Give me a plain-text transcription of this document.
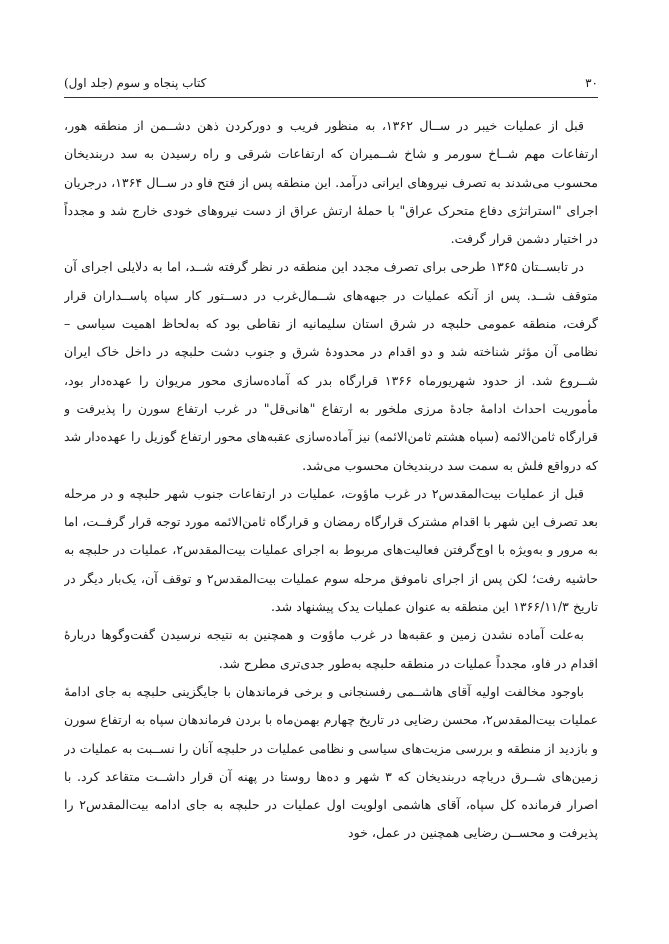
۳۰
کتاب پنجاه و سوم (جلد اول)

قبل از عملیات خیبر در ســال ۱۳۶۲، به منظور فریب و دورکردن ذهن دشــمن از منطقه هور، ارتفاعات مهم شــاخ سورمر و شاخ شــمیران که ارتفاعات شرقی و راه رسیدن به سد دربندیخان محسوب می‌شدند به تصرف نیروهای ایرانی درآمد. این منطقه پس از فتح فاو در ســال ۱۳۶۴، درجریان اجرای "استراتژی دفاع متحرک عراق" با حملهٔ ارتش عراق از دست نیروهای خودی خارج شد و مجدداً در اختیار دشمن قرار گرفت.

در تابســتان ۱۳۶۵ طرحی برای تصرف مجدد این منطقه در نظر گرفته شــد، اما به دلایلی اجرای آن متوقف شــد. پس از آنکه عملیات در جبهه‌های شــمال‌غرب در دســتور کار سپاه پاســداران قرار گرفت، منطقه عمومی حلبچه در شرق استان سلیمانیه از نقاطی بود که به‌لحاظ اهمیت سیاسی – نظامی آن مؤثر شناخته شد و دو اقدام در محدودهٔ شرق و جنوب دشت حلبچه در داخل خاک ایران شــروع شد. از حدود شهریورماه ۱۳۶۶ قرارگاه بدر که آماده‌سازی محور مریوان را عهده‌دار بود، مأموریت احداث ادامهٔ جادهٔ مرزی ملخور به ارتفاع "هانی‌قل" در غرب ارتفاع سورن را پذیرفت و قرارگاه ثامن‌الائمه (سپاه هشتم ثامن‌الائمه) نیز آماده‌سازی عقبه‌های محور ارتفاع گوزیل را عهده‌دار شد که درواقع فلش به سمت سد دربندیخان محسوب می‌شد.

قبل از عملیات بیت‌المقدس۲ در غرب ماؤوت، عملیات در ارتفاعات جنوب شهر حلبچه و در مرحله بعد تصرف این شهر با اقدام مشترک قرارگاه رمضان و قرارگاه ثامن‌الائمه مورد توجه قرار گرفــت، اما به مرور و به‌ویژه با اوج‌گرفتن فعالیت‌های مربوط به اجرای عملیات بیت‌المقدس۲، عملیات در حلبچه به حاشیه رفت؛ لکن پس از اجرای ناموفق مرحله سوم عملیات بیت‌المقدس۲ و توقف آن، یک‌بار دیگر در تاریخ ۱۳۶۶/۱۱/۳ این منطقه به عنوان عملیات یدک پیشنهاد شد.

به‌علت آماده نشدن زمین و عقبه‌ها در غرب ماؤوت و همچنین به نتیجه نرسیدن گفت‌وگوها دربارهٔ اقدام در فاو، مجدداً عملیات در منطقه حلبچه به‌طور جدی‌تری مطرح شد.

باوجود مخالفت اولیه آقای هاشــمی رفسنجانی و برخی فرماندهان با جایگزینی حلبچه به جای ادامهٔ عملیات بیت‌المقدس۲، محسن رضایی در تاریخ چهارم بهمن‌ماه با بردن فرماندهان سپاه به ارتفاع سورن و بازدید از منطقه و بررسی مزیت‌های سیاسی و نظامی عملیات در حلبچه آنان را نســبت به عملیات در زمین‌های شــرق دریاچه دربندیخان که ۳ شهر و ده‌ها روستا در پهنه آن قرار داشــت متقاعد کرد. با اصرار فرمانده کل سپاه، آقای هاشمی اولویت اول عملیات در حلبچه به جای ادامه بیت‌المقدس۲ را پذیرفت و محســن رضایی همچنین در عمل، خود
